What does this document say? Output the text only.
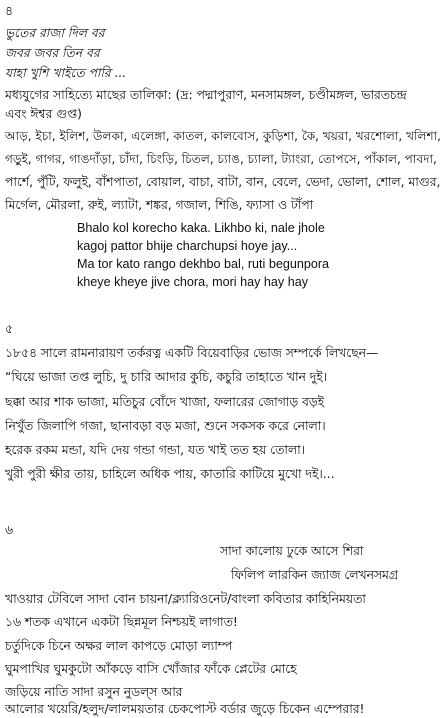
৪
ভুতের রাজা দিল বর
জবর জবর তিন বর
যাহা খুশি খাইতে পারি ...
মধ্যযুগের সাহিত্যে মাছের তালিকা: (দ্র: পদ্মাপুরাণ, মনসামঙ্গল, চণ্ডীমঙ্গল, ভারতচন্দ্র
এবং ঈশ্বর গুপ্ত)
আড়, ইচা, ইলিশ, উলকা, এলেঙ্গা, কাতল, কালবোস, কুড়িশা, কৈ, খয়রা, খরশোলা, খলিশা,
গড়ুই, গাগর, গাঙদাঁড়া, চাঁদা, চিংড়ি, চিতল, চ্যাঙ, চ্যালা, ট্যাংরা, তোপসে, পাঁকাল, পাবদা,
পার্শে, পুঁটি, ফলুই, বাঁশপাতা, বোয়াল, বাচা, বাটা, বান, বেলে, ভেদা, ভোলা, শোল, মাগুর,
মির্গেল, মৌরলা, রুই, ল্যাটা, শঙ্কর, গজাল, শিঙি, ফ্যাসা ও টাঁপা
Bhalo kol korecho kaka. Likhbo ki, nale jhole
kagoj pattor bhije charchupsi hoye jay...
Ma tor kato rango dekhbo bal, ruti begunpora
kheye kheye jive chora, mori hay hay hay
৫
১৮৫৪ সালে রামনারায়ণ তর্করত্ন একটি বিয়েবাড়ির ভোজ সম্পর্কে লিখছেন—
“ঘিয়ে ভাজা তপ্ত লুচি, দু চারি আদার কুচি, কচুরি তাহাতে খান দুই।
ছক্কা আর শাক ভাজা, মতিচুর বোঁদে খাজা, ফলারের জোগাড় বড়ই
নিখুঁত জিলাপি গজা, ছানাবড়া বড় মজা, শুনে সকসক করে নোলা।
হরেক রকম মন্ডা, যদি দেয় গন্ডা গন্ডা, যত খাই তত হয় তোলা।
খুরী পুরী ক্ষীর তায়, চাহিলে অধিক পায়, কাতারি কাটিয়ে মুখো দই।...
৬
সাদা কালোয় ঢুকে আসে শিরা
ফিলিপ লারকিন জ্যাজ লেখনসমগ্র
খাওয়ার টেবিলে সাদা বোন চায়না/ক্ল্যারিওনেট/বাংলা কবিতার কাহিনিময়তা
১৬ শতক এখানে একটা ছিন্নমূল নিশ্চয়ই লাগাত!
চর্তুদিকে চিনে অক্ষর লাল কাপড়ে মোড়া ল্যাম্প
ঘুমপাখির ঘুমকুটো আঁকড়ে বাসি খোঁজার ফাঁকে প্লেটের মোহে
জড়িয়ে নাতি সাদা রসুন নুডল্‌স আর
আলোর খয়েরি/হলুদ/লালময়তার চেকপোস্ট বর্ডার জুড়ে চিকেন এম্পেরার!
